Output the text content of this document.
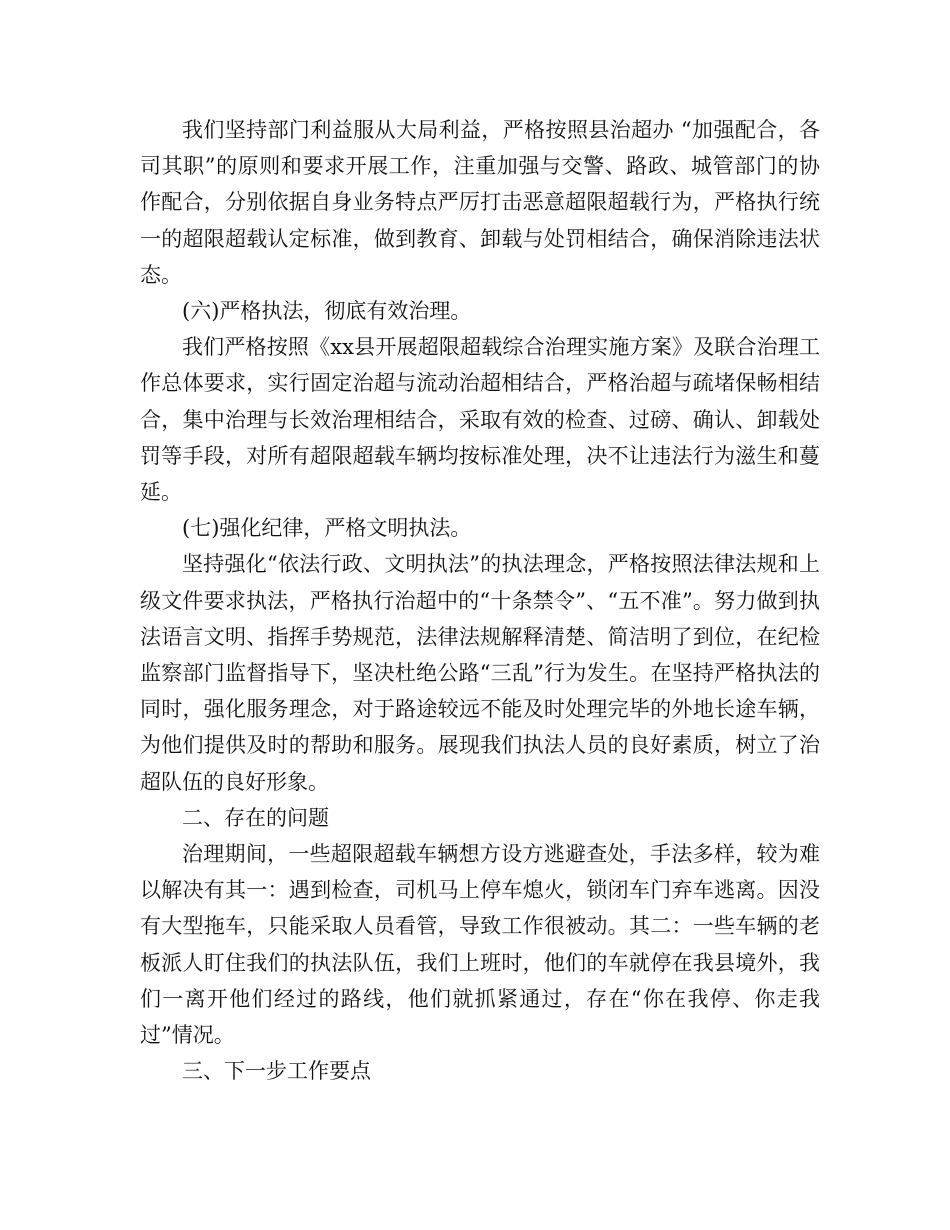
我们坚持部门利益服从大局利益，严格按照县治超办 “加强配合，各司其职”的原则和要求开展工作，注重加强与交警、路政、城管部门的协作配合，分别依据自身业务特点严厉打击恶意超限超载行为，严格执行统一的超限超载认定标准，做到教育、卸载与处罚相结合，确保消除违法状态。

(六)严格执法，彻底有效治理。

我们严格按照《xx县开展超限超载综合治理实施方案》及联合治理工作总体要求，实行固定治超与流动治超相结合，严格治超与疏堵保畅相结合，集中治理与长效治理相结合，采取有效的检查、过磅、确认、卸载处罚等手段，对所有超限超载车辆均按标准处理，决不让违法行为滋生和蔓延。

(七)强化纪律，严格文明执法。

坚持强化“依法行政、文明执法”的执法理念，严格按照法律法规和上级文件要求执法，严格执行治超中的“十条禁令”、“五不准”。努力做到执法语言文明、指挥手势规范，法律法规解释清楚、简洁明了到位，在纪检监察部门监督指导下，坚决杜绝公路“三乱”行为发生。在坚持严格执法的同时，强化服务理念，对于路途较远不能及时处理完毕的外地长途车辆，为他们提供及时的帮助和服务。展现我们执法人员的良好素质，树立了治超队伍的良好形象。

二、存在的问题

治理期间，一些超限超载车辆想方设方逃避查处，手法多样，较为难以解决有其一：遇到检查，司机马上停车熄火，锁闭车门弃车逃离。因没有大型拖车，只能采取人员看管，导致工作很被动。其二：一些车辆的老板派人盯住我们的执法队伍，我们上班时，他们的车就停在我县境外，我们一离开他们经过的路线，他们就抓紧通过，存在“你在我停、你走我过”情况。

三、下一步工作要点
